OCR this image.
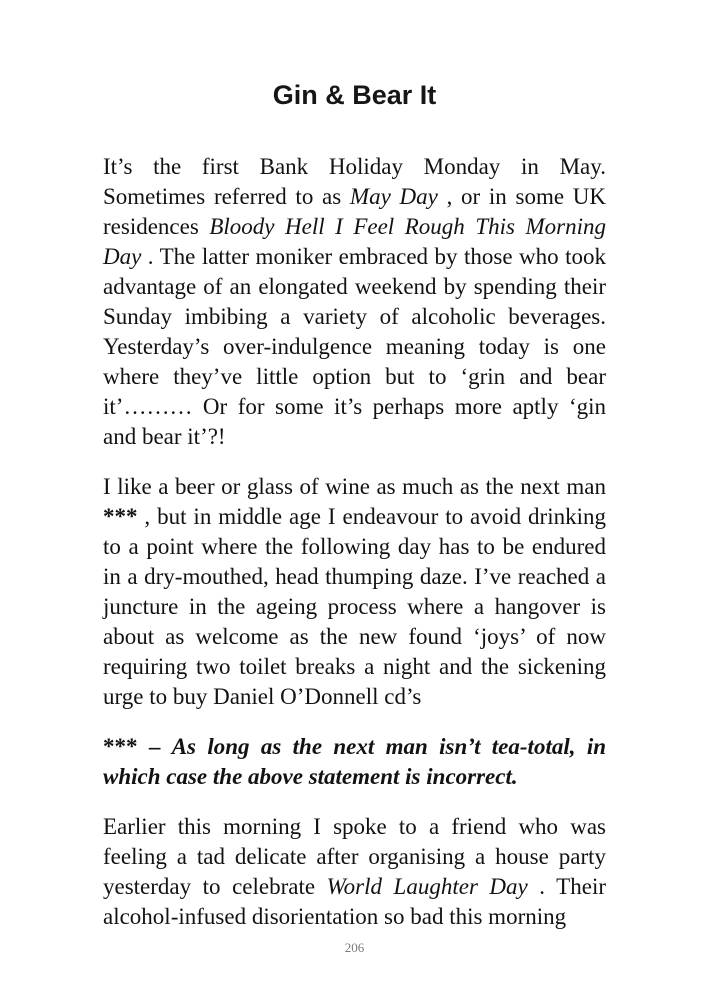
Gin & Bear It

It’s the first Bank Holiday Monday in May. Sometimes referred to as May Day , or in some UK residences Bloody Hell I Feel Rough This Morning Day . The latter moniker embraced by those who took advantage of an elongated weekend by spending their Sunday imbibing a variety of alcoholic beverages. Yesterday’s over-indulgence meaning today is one where they’ve little option but to ‘grin and bear it’……… Or for some it’s perhaps more aptly ‘gin and bear it’?!

I like a beer or glass of wine as much as the next man *** , but in middle age I endeavour to avoid drinking to a point where the following day has to be endured in a dry-mouthed, head thumping daze. I’ve reached a juncture in the ageing process where a hangover is about as welcome as the new found ‘joys’ of now requiring two toilet breaks a night and the sickening urge to buy Daniel O’Donnell cd’s

*** – As long as the next man isn’t tea-total, in which case the above statement is incorrect.

Earlier this morning I spoke to a friend who was feeling a tad delicate after organising a house party yesterday to celebrate World Laughter Day . Their alcohol-infused disorientation so bad this morning

206
